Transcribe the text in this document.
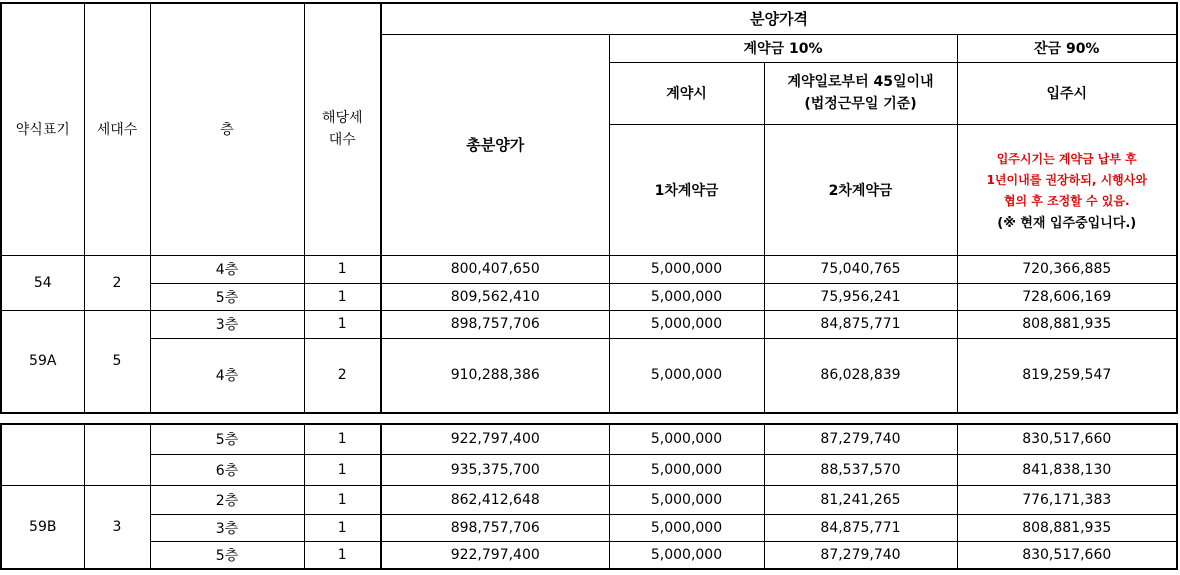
약식표기	세대수	층	해당세
대수	분양가격			
				총분양가	계약금 10%		잔금 90%
					계약시	계약일로부터 45일이내
(법정근무일 기준)	입주시
					1차계약금	2차계약금	입주시기는 계약금 납부 후
1년이내를 권장하되, 시행사와
협의 후 조정할 수 있음.
(※ 현재 입주중입니다.)

54	2	4층	1	800,407,650	5,000,000	75,040,765	720,366,885
		5층	1	809,562,410	5,000,000	75,956,241	728,606,169
59A	5	3층	1	898,757,706	5,000,000	84,875,771	808,881,935
		4층	2	910,288,386	5,000,000	86,028,839	819,259,547
		5층	1	922,797,400	5,000,000	87,279,740	830,517,660
		6층	1	935,375,700	5,000,000	88,537,570	841,838,130
59B	3	2층	1	862,412,648	5,000,000	81,241,265	776,171,383
		3층	1	898,757,706	5,000,000	84,875,771	808,881,935
		5층	1	922,797,400	5,000,000	87,279,740	830,517,660
